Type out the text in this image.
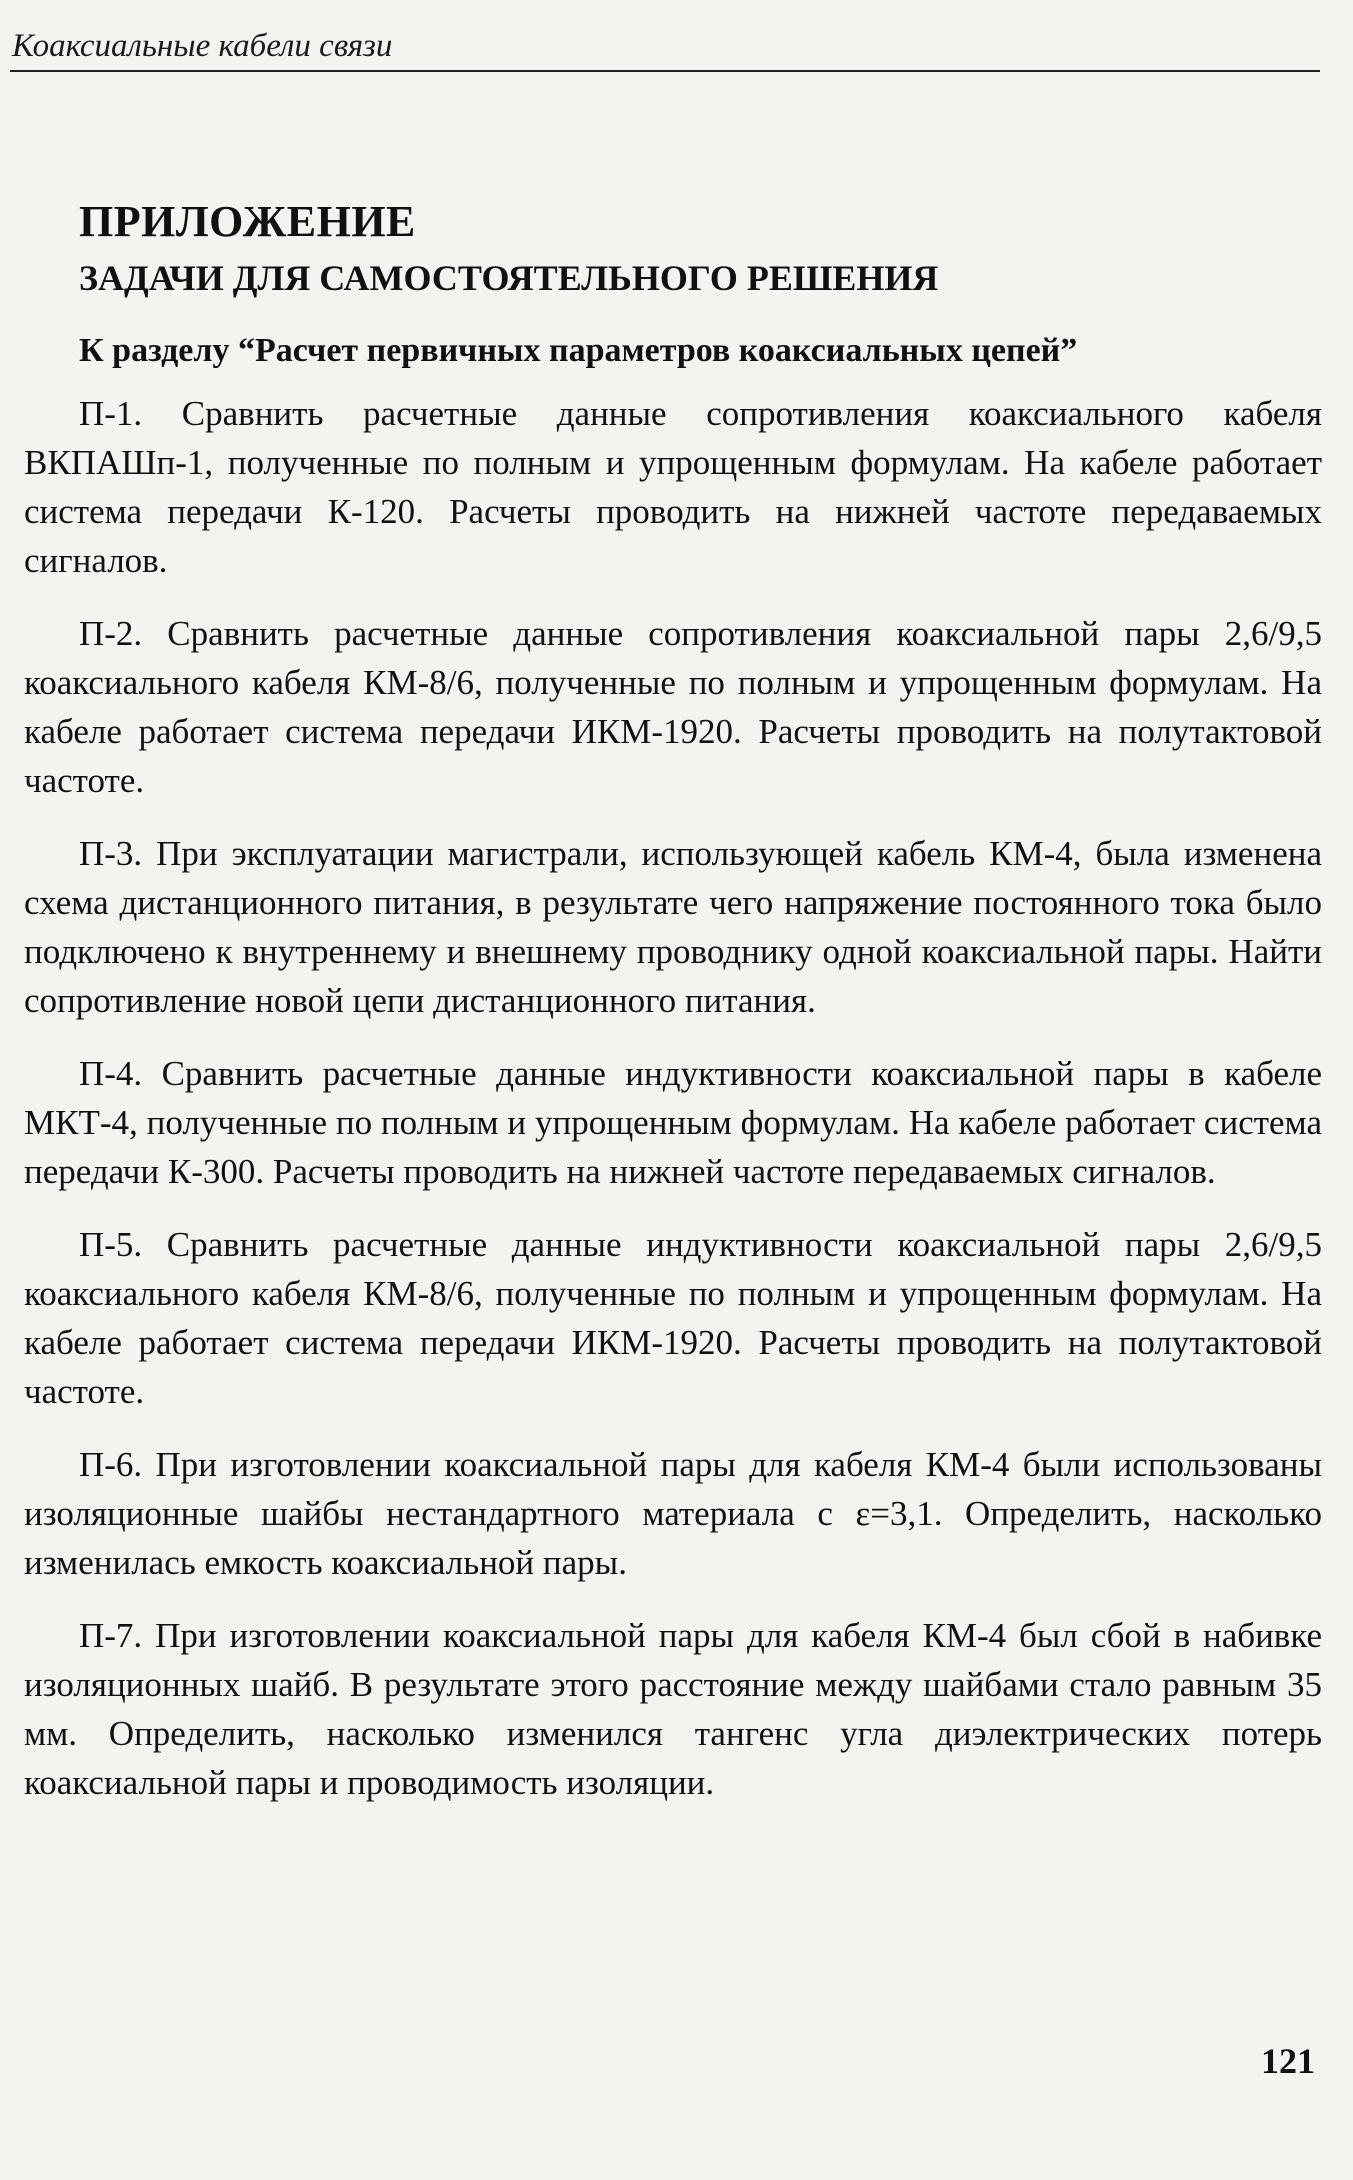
Коаксиальные кабели связи
ПРИЛОЖЕНИЕ
ЗАДАЧИ ДЛЯ САМОСТОЯТЕЛЬНОГО РЕШЕНИЯ
К разделу “Расчет первичных параметров коаксиальных цепей”

П-1. Сравнить расчетные данные сопротивления коаксиального кабеля ВКПАШп-1, полученные по полным и упрощенным формулам. На кабеле работает система передачи К-120. Расчеты проводить на нижней частоте передаваемых сигналов.

П-2. Сравнить расчетные данные сопротивления коаксиальной пары 2,6/9,5 коаксиального кабеля КМ-8/6, полученные по полным и упрощенным формулам. На кабеле работает система передачи ИКМ-1920. Расчеты проводить на полутактовой частоте.

П-3. При эксплуатации магистрали, использующей кабель КМ-4, была изменена схема дистанционного питания, в результате чего напряжение постоянного тока было подключено к внутреннему и внешнему проводнику одной коаксиальной пары. Найти сопротивление новой цепи дистанционного питания.

П-4. Сравнить расчетные данные индуктивности коаксиальной пары в кабеле МКТ-4, полученные по полным и упрощенным формулам. На кабеле работает система передачи К-300. Расчеты проводить на нижней частоте передаваемых сигналов.

П-5. Сравнить расчетные данные индуктивности коаксиальной пары 2,6/9,5 коаксиального кабеля КМ-8/6, полученные по полным и упрощенным формулам. На кабеле работает система передачи ИКМ-1920. Расчеты проводить на полутактовой частоте.

П-6. При изготовлении коаксиальной пары для кабеля КМ-4 были использованы изоляционные шайбы нестандартного материала с ε=3,1. Определить, насколько изменилась емкость коаксиальной пары.

П-7. При изготовлении коаксиальной пары для кабеля КМ-4 был сбой в набивке изоляционных шайб. В результате этого расстояние между шайбами стало равным 35 мм. Определить, насколько изменился тангенс угла диэлектрических потерь коаксиальной пары и проводимость изоляции.

121
